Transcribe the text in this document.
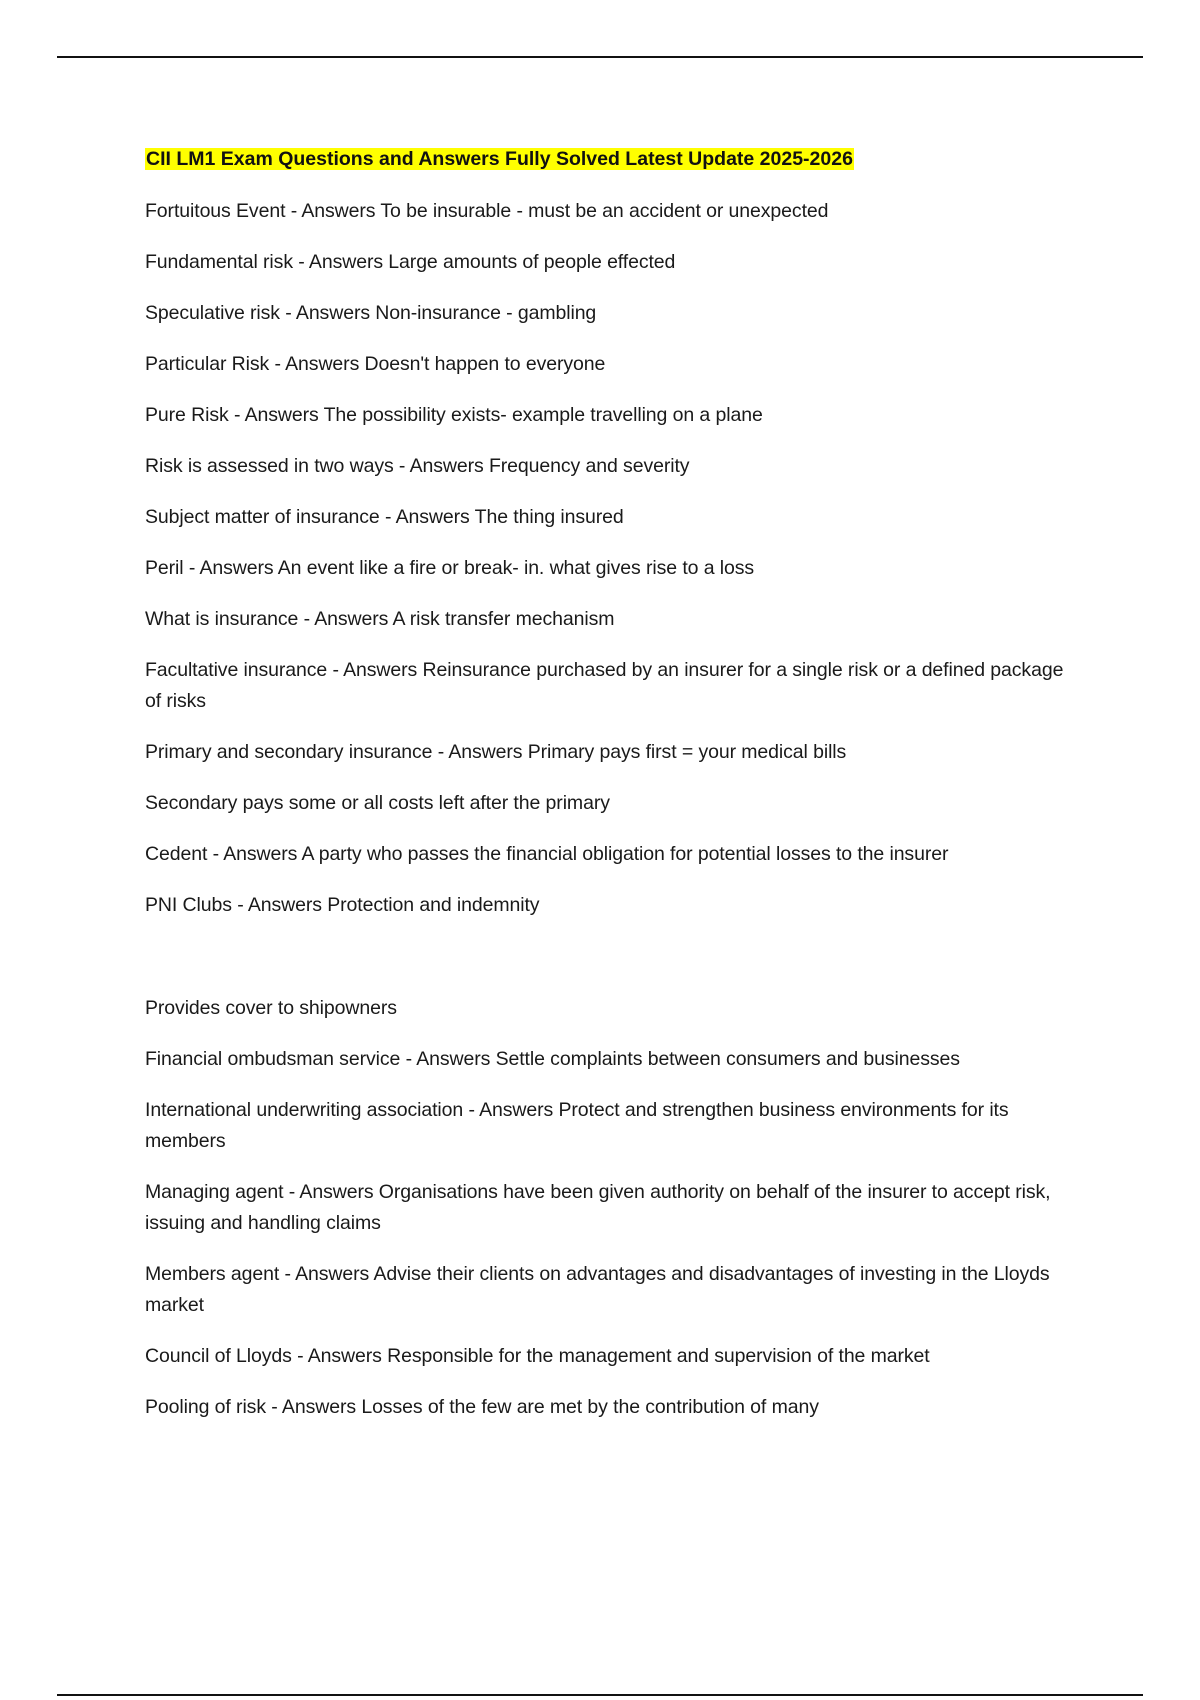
CII LM1 Exam Questions and Answers Fully Solved Latest Update 2025-2026

Fortuitous Event - Answers To be insurable - must be an accident or unexpected

Fundamental risk - Answers Large amounts of people effected

Speculative risk - Answers Non-insurance - gambling

Particular Risk - Answers Doesn't happen to everyone

Pure Risk - Answers The possibility exists- example travelling on a plane

Risk is assessed in two ways - Answers Frequency and severity

Subject matter of insurance - Answers The thing insured

Peril - Answers An event like a fire or break- in. what gives rise to a loss

What is insurance - Answers A risk transfer mechanism

Facultative insurance - Answers Reinsurance purchased by an insurer for a single risk or a defined package of risks

Primary and secondary insurance - Answers Primary pays first = your medical bills

Secondary pays some or all costs left after the primary

Cedent - Answers A party who passes the financial obligation for potential losses to the insurer

PNI Clubs - Answers Protection and indemnity

Provides cover to shipowners

Financial ombudsman service - Answers Settle complaints between consumers and businesses

International underwriting association - Answers Protect and strengthen business environments for its members

Managing agent - Answers Organisations have been given authority on behalf of the insurer to accept risk, issuing and handling claims

Members agent - Answers Advise their clients on advantages and disadvantages of investing in the Lloyds market

Council of Lloyds - Answers Responsible for the management and supervision of the market

Pooling of risk - Answers Losses of the few are met by the contribution of many
